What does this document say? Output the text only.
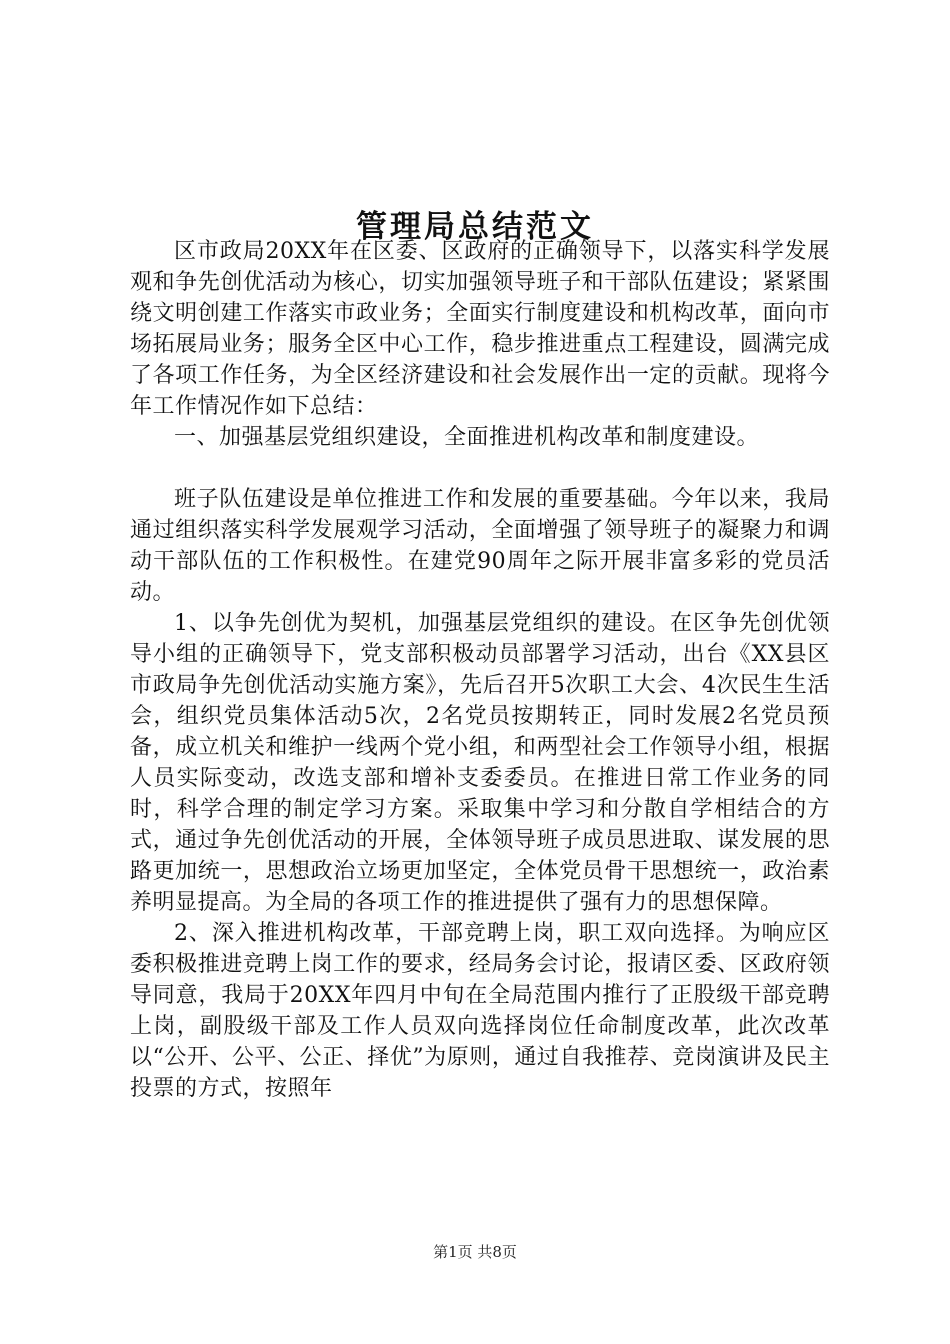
管理局总结范文

区市政局20XX年在区委、区政府的正确领导下，以落实科学发展观和争先创优活动为核心，切实加强领导班子和干部队伍建设；紧紧围绕文明创建工作落实市政业务；全面实行制度建设和机构改革，面向市场拓展局业务；服务全区中心工作，稳步推进重点工程建设，圆满完成了各项工作任务，为全区经济建设和社会发展作出一定的贡献。现将今年工作情况作如下总结：

一、加强基层党组织建设，全面推进机构改革和制度建设。

班子队伍建设是单位推进工作和发展的重要基础。今年以来，我局通过组织落实科学发展观学习活动，全面增强了领导班子的凝聚力和调动干部队伍的工作积极性。在建党90周年之际开展非富多彩的党员活动。

1、以争先创优为契机，加强基层党组织的建设。在区争先创优领导小组的正确领导下，党支部积极动员部署学习活动，出台《XX县区市政局争先创优活动实施方案》，先后召开5次职工大会、4次民生生活会，组织党员集体活动5次，2名党员按期转正，同时发展2名党员预备，成立机关和维护一线两个党小组，和两型社会工作领导小组，根据人员实际变动，改选支部和增补支委委员。在推进日常工作业务的同时，科学合理的制定学习方案。采取集中学习和分散自学相结合的方式，通过争先创优活动的开展，全体领导班子成员思进取、谋发展的思路更加统一，思想政治立场更加坚定，全体党员骨干思想统一，政治素养明显提高。为全局的各项工作的推进提供了强有力的思想保障。

2、深入推进机构改革，干部竞聘上岗，职工双向选择。为响应区委积极推进竞聘上岗工作的要求，经局务会讨论，报请区委、区政府领导同意，我局于20XX年四月中旬在全局范围内推行了正股级干部竞聘上岗，副股级干部及工作人员双向选择岗位任命制度改革，此次改革以“公开、公平、公正、择优”为原则，通过自我推荐、竞岗演讲及民主投票的方式，按照年

第1页 共8页
